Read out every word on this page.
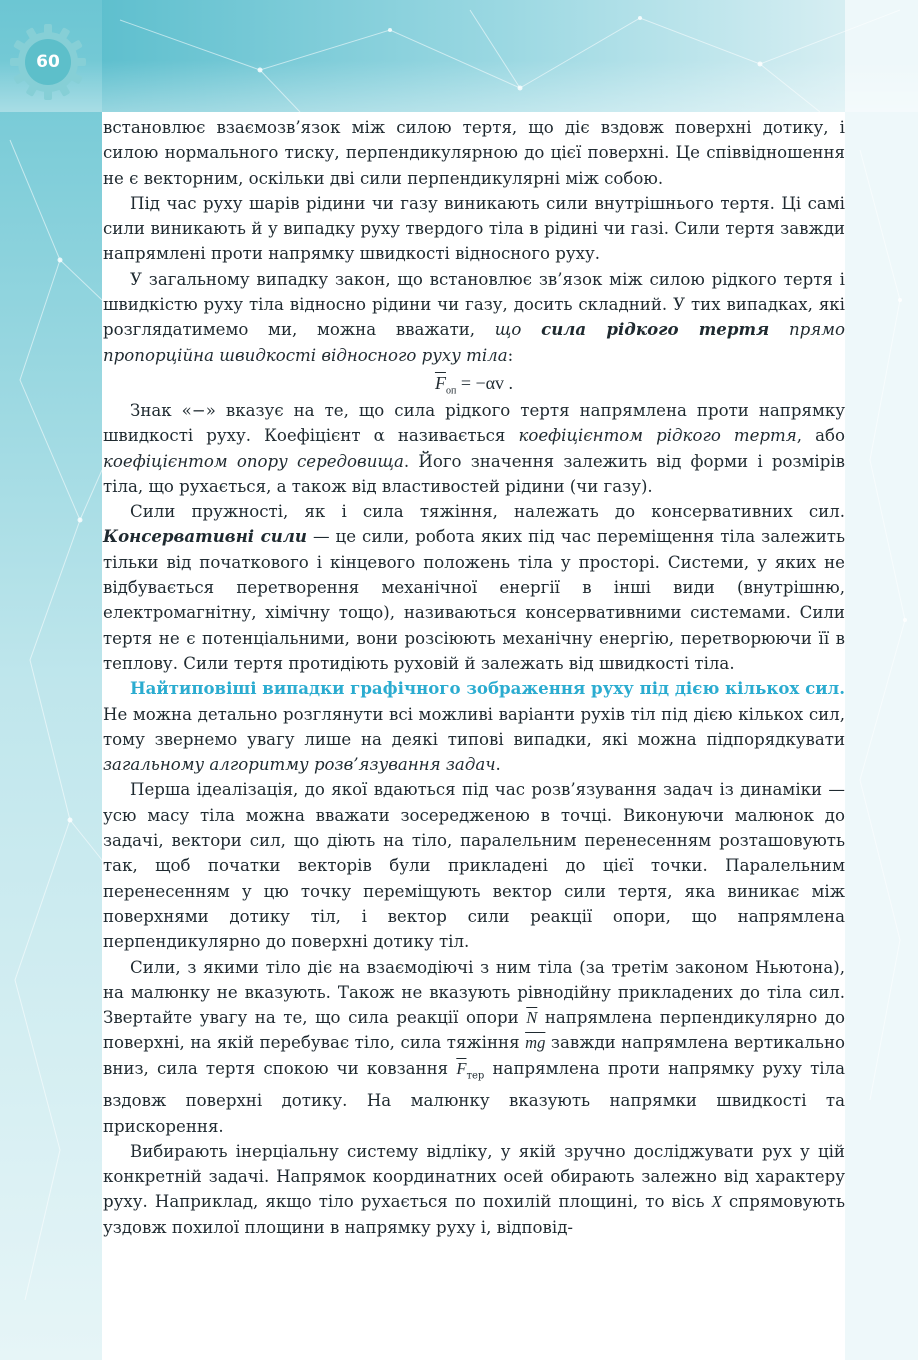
60

встановлює взаємозв’язок між силою тертя, що діє вздовж поверхні дотику, і силою нормального тиску, перпендикулярною до цієї поверхні. Це співвідношення не є векторним, оскільки дві сили перпендикулярні між собою.

Під час руху шарів рідини чи газу виникають сили внутрішнього тертя. Ці самі сили виникають й у випадку руху твердого тіла в рідині чи газі. Сили тертя завжди напрямлені проти напрямку швидкості відносного руху.

У загальному випадку закон, що встановлює зв’язок між силою рідкого тертя і швидкістю руху тіла відносно рідини чи газу, досить складний. У тих випадках, які розглядатимемо ми, можна вважати, що сила рідкого тертя прямо пропорційна швидкості відносного руху тіла:

$\overline{F}_{оп} = -\alpha v$ .

Знак «−» вказує на те, що сила рідкого тертя напрямлена проти напрямку швидкості руху. Коефіцієнт α називається коефіцієнтом рідкого тертя, або коефіцієнтом опору середовища. Його значення залежить від форми і розмірів тіла, що рухається, а також від властивостей рідини (чи газу).

Сили пружності, як і сила тяжіння, належать до консервативних сил. Консервативні сили — це сили, робота яких під час переміщення тіла залежить тільки від початкового і кінцевого положень тіла у просторі. Системи, у яких не відбувається перетворення механічної енергії в інші види (внутрішню, електромагнітну, хімічну тощо), називаються консервативними системами. Сили тертя не є потенціальними, вони розсіюють механічну енергію, перетворюючи її в теплову. Сили тертя протидіють руховій й залежать від швидкості тіла.

Найтиповіші випадки графічного зображення руху під дією кількох сил. Не можна детально розглянути всі можливі варіанти рухів тіл під дією кількох сил, тому звернемо увагу лише на деякі типові випадки, які можна підпорядкувати загальному алгоритму розв’язування задач.

Перша ідеалізація, до якої вдаються під час розв’язування задач із динаміки — усю масу тіла можна вважати зосередженою в точці. Виконуючи малюнок до задачі, вектори сил, що діють на тіло, паралельним перенесенням розташовують так, щоб початки векторів були прикладені до цієї точки. Паралельним перенесенням у цю точку переміщують вектор сили тертя, яка виникає між поверхнями дотику тіл, і вектор сили реакції опори, що напрямлена перпендикулярно до поверхні дотику тіл.

Сили, з якими тіло діє на взаємодіючі з ним тіла (за третім законом Ньютона), на малюнку не вказують. Також не вказують рівнодійну прикладених до тіла сил. Звертайте увагу на те, що сила реакції опори $\overline{N}$ напрямлена перпендикулярно до поверхні, на якій перебуває тіло, сила тяжіння $\overline{mg}$ завжди напрямлена вертикально вниз, сила тертя спокою чи ковзання $\overline{F}_{тер}$ напрямлена проти напрямку руху тіла вздовж поверхні дотику. На малюнку вказують напрямки швидкості та прискорення.

Вибирають інерціальну систему відліку, у якій зручно досліджувати рух у цій конкретній задачі. Напрямок координатних осей обирають залежно від характеру руху. Наприклад, якщо тіло рухається по похилій площині, то вісь X спрямовують уздовж похилої площини в напрямку руху і, відповід-
